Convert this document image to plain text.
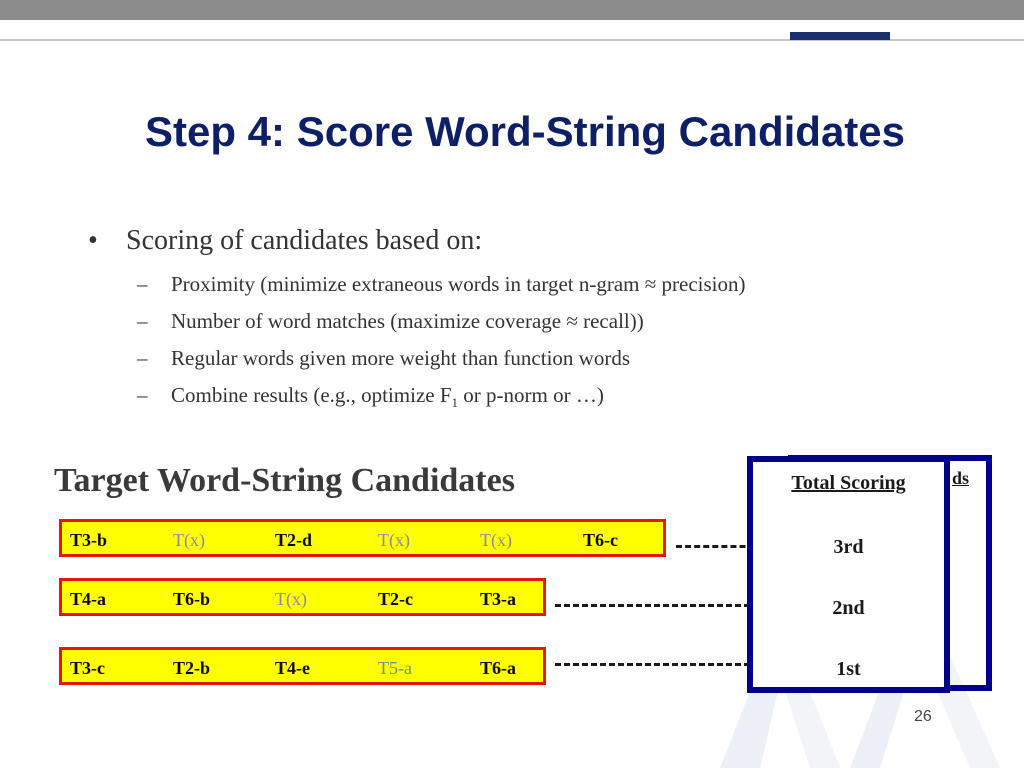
Step 4: Score Word-String Candidates
• Scoring of candidates based on:
– Proximity (minimize extraneous words in target n-gram ≈ precision)
– Number of word matches (maximize coverage ≈ recall))
– Regular words given more weight than function words
– Combine results (e.g., optimize $F_1$ or p-norm or …)
Target Word-String Candidates
T3-b	T(x)	T2-d	T(x)	T(x)	T6-c
T4-a	T6-b	T(x)	T2-c	T3-a
T3-c	T2-b	T4-e	T5-a	T6-a
ds
Total Scoring
3rd
2nd
1st
26
